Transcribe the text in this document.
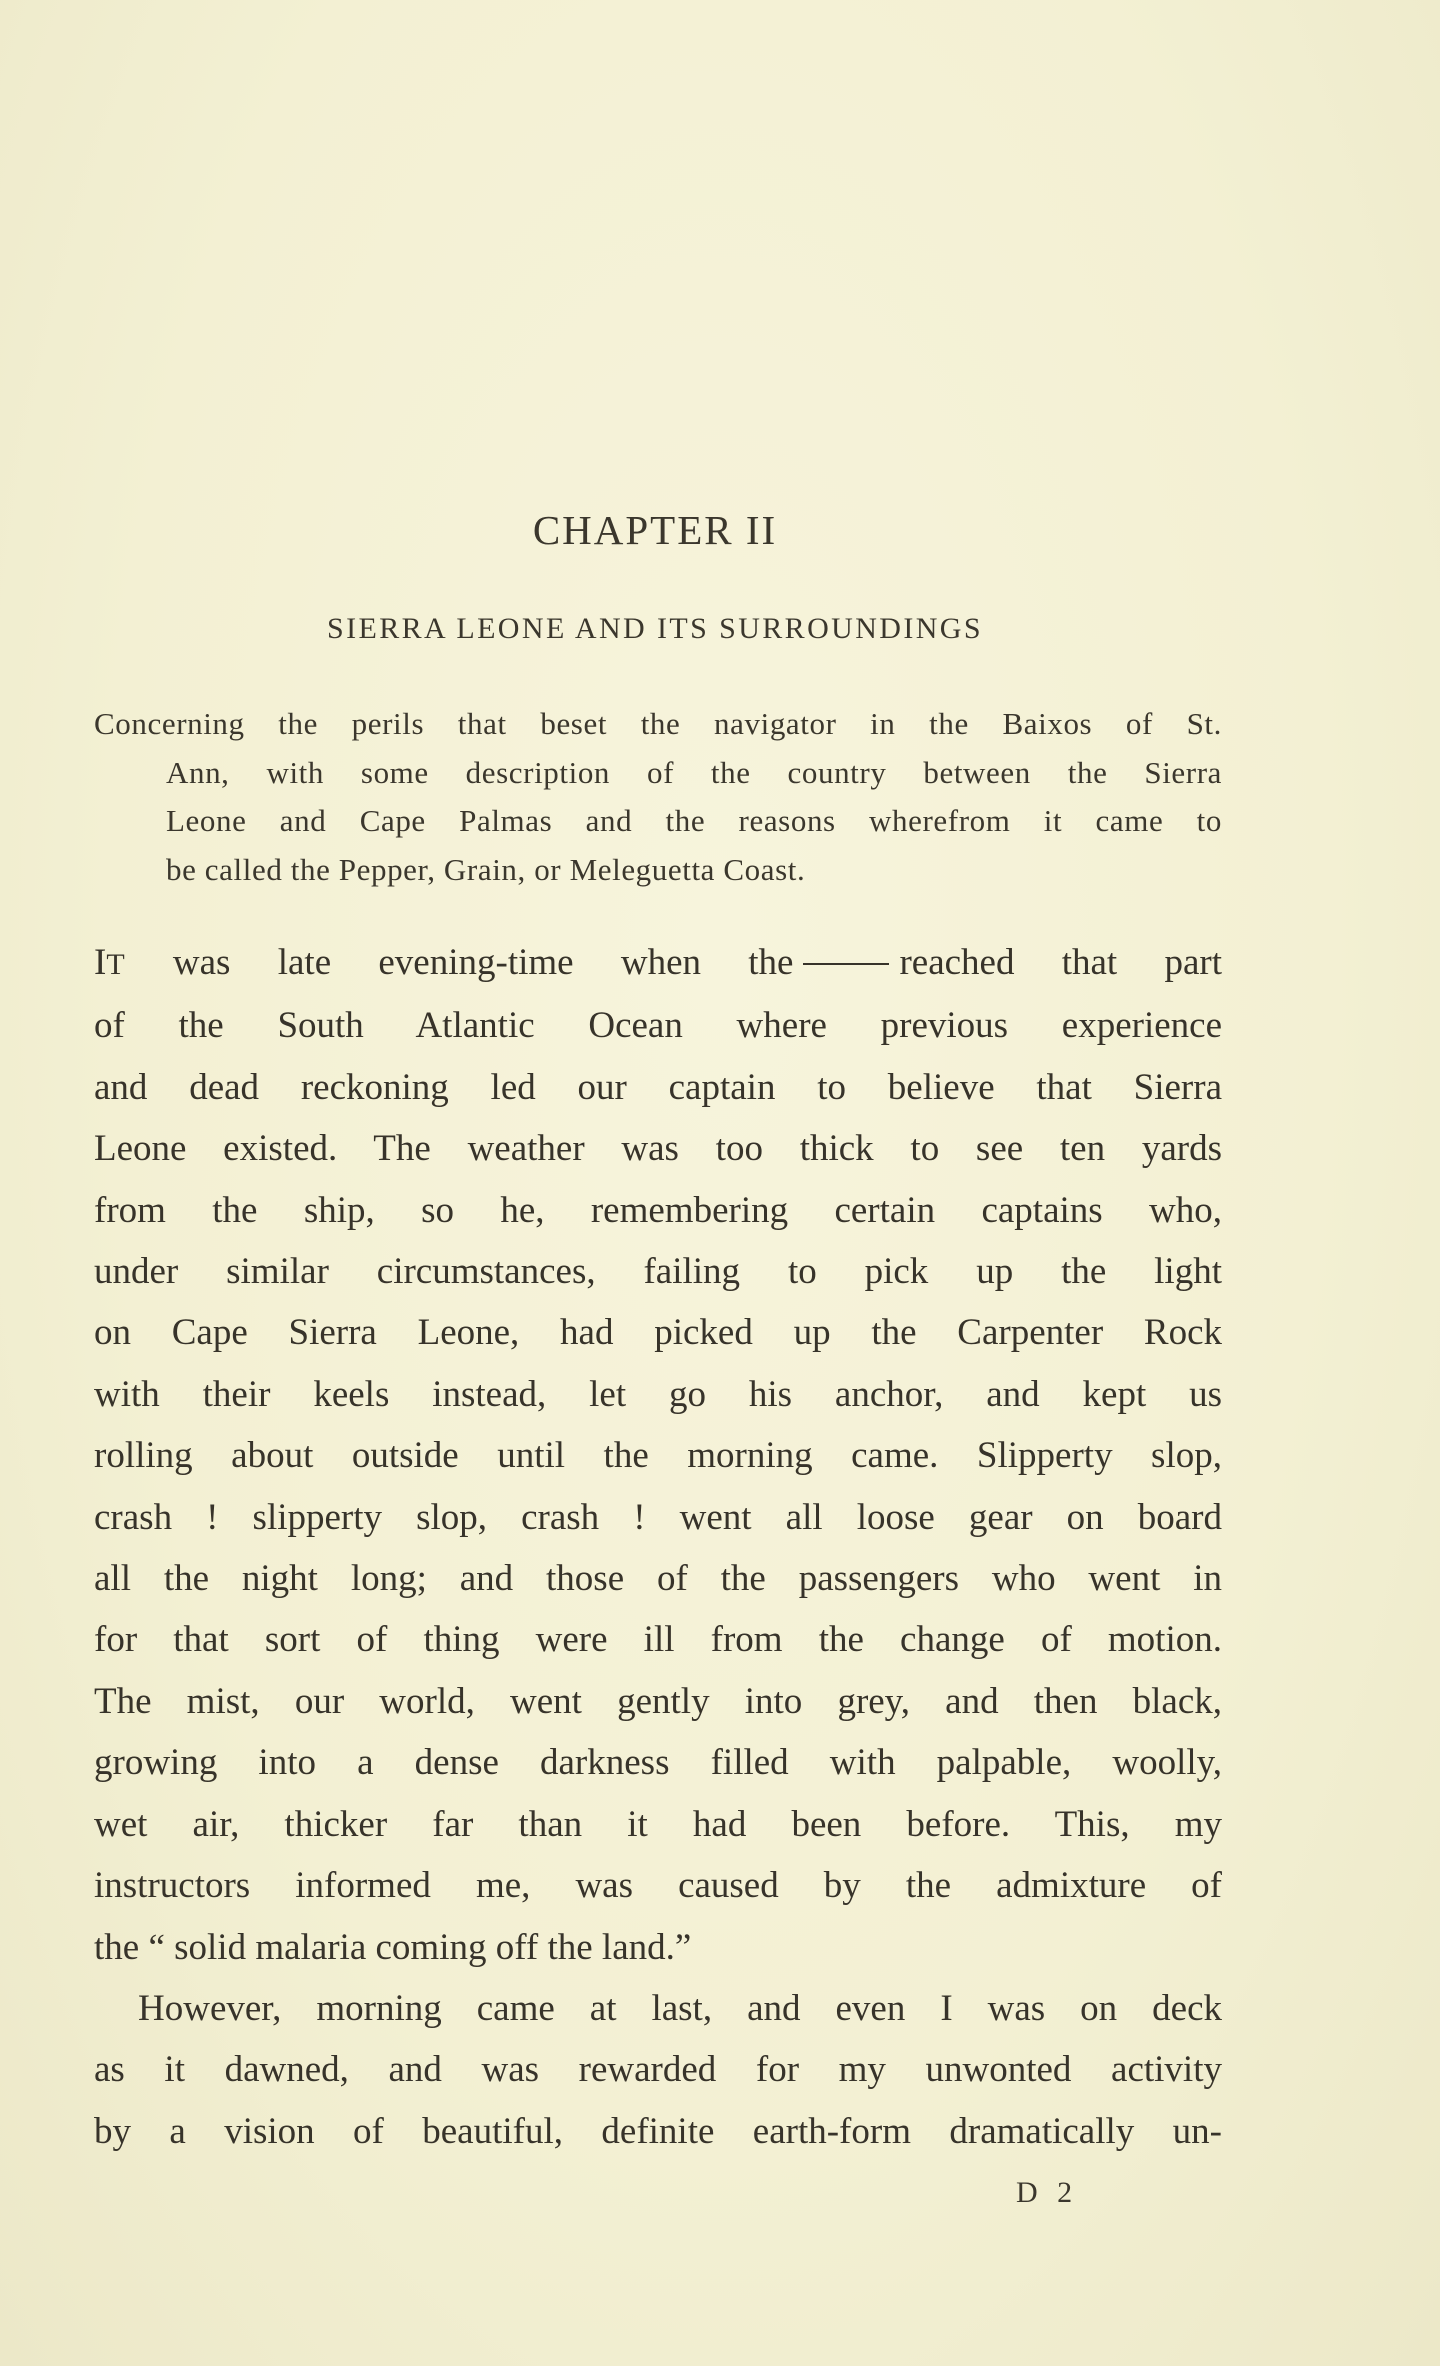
CHAPTER II
SIERRA LEONE AND ITS SURROUNDINGS
Concerning the perils that beset the navigator in the Baixos of St.
Ann, with some description of the country between the Sierra
Leone and Cape Palmas and the reasons wherefrom it came to
be called the Pepper, Grain, or Meleguetta Coast.
IT was late evening-time when the	reached that part
of the South Atlantic Ocean where previous experience
and dead reckoning led our captain to believe that Sierra
Leone existed. The weather was too thick to see ten yards
from the ship, so he, remembering certain captains who,
under similar circumstances, failing to pick up the light
on Cape Sierra Leone, had picked up the Carpenter Rock
with their keels instead, let go his anchor, and kept us
rolling about outside until the morning came. Slipperty slop,
crash ! slipperty slop, crash ! went all loose gear on board
all the night long; and those of the passengers who went in
for that sort of thing were ill from the change of motion.
The mist, our world, went gently into grey, and then black,
growing into a dense darkness filled with palpable, woolly,
wet air, thicker far than it had been before. This, my
instructors informed me, was caused by the admixture of
the “ solid malaria coming off the land.”
However, morning came at last, and even I was on deck
as it dawned, and was rewarded for my unwonted activity
by a vision of beautiful, definite earth-form dramatically un-
D 2
